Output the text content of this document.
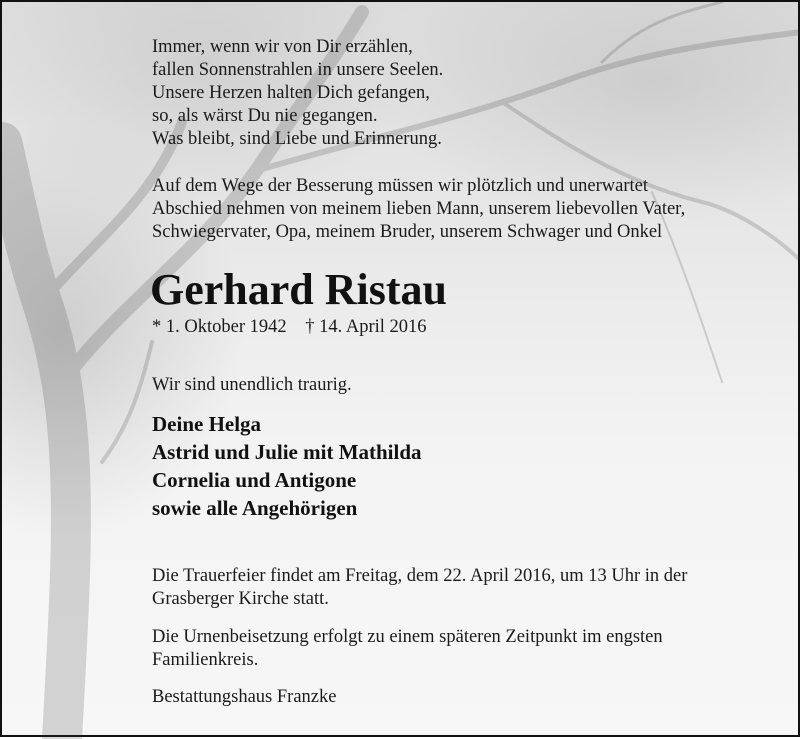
Immer, wenn wir von Dir erzählen,
fallen Sonnenstrahlen in unsere Seelen.
Unsere Herzen halten Dich gefangen,
so, als wärst Du nie gegangen.
Was bleibt, sind Liebe und Erinnerung.
Auf dem Wege der Besserung müssen wir plötzlich und unerwartet
Abschied nehmen von meinem lieben Mann, unserem liebevollen Vater,
Schwiegervater, Opa, meinem Bruder, unserem Schwager und Onkel
Gerhard Ristau
* 1. Oktober 1942 † 14. April 2016
Wir sind unendlich traurig.
Deine Helga
Astrid und Julie mit Mathilda
Cornelia und Antigone
sowie alle Angehörigen
Die Trauerfeier findet am Freitag, dem 22. April 2016, um 13 Uhr in der
Grasberger Kirche statt.
Die Urnenbeisetzung erfolgt zu einem späteren Zeitpunkt im engsten
Familienkreis.
Bestattungshaus Franzke
